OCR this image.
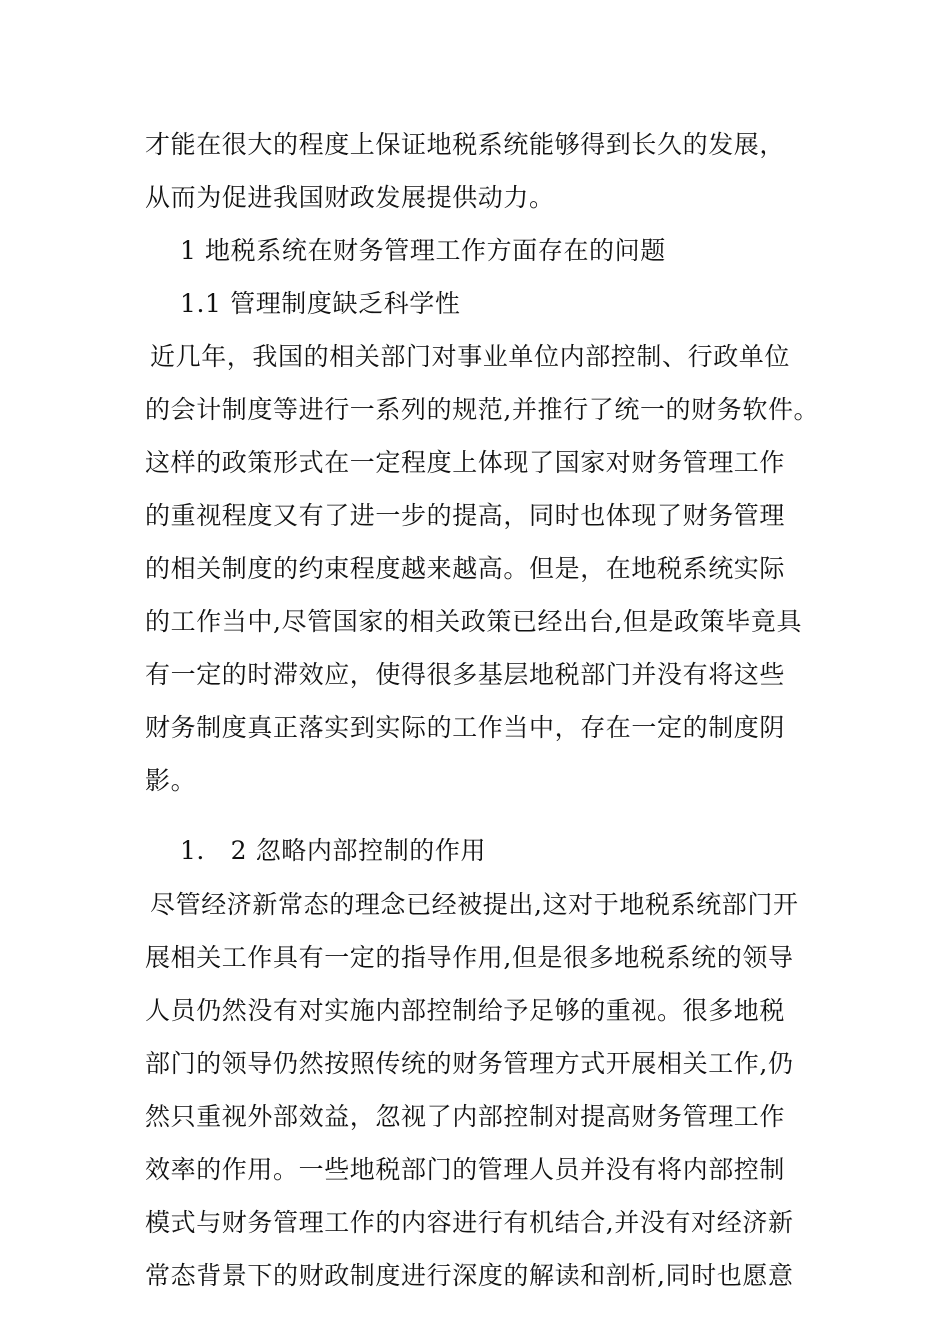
才能在很大的程度上保证地税系统能够得到长久的发展，
从而为促进我国财政发展提供动力。
1 地税系统在财务管理工作方面存在的问题
1.1 管理制度缺乏科学性
近几年，我国的相关部门对事业单位内部控制、行政单位
的会计制度等进行一系列的规范,并推行了统一的财务软件。
这样的政策形式在一定程度上体现了国家对财务管理工作
的重视程度又有了进一步的提高，同时也体现了财务管理
的相关制度的约束程度越来越高。但是，在地税系统实际
的工作当中,尽管国家的相关政策已经出台,但是政策毕竟具
有一定的时滞效应，使得很多基层地税部门并没有将这些
财务制度真正落实到实际的工作当中，存在一定的制度阴
影。
1． 2 忽略内部控制的作用
尽管经济新常态的理念已经被提出,这对于地税系统部门开
展相关工作具有一定的指导作用,但是很多地税系统的领导
人员仍然没有对实施内部控制给予足够的重视。很多地税
部门的领导仍然按照传统的财务管理方式开展相关工作,仍
然只重视外部效益，忽视了内部控制对提高财务管理工作
效率的作用。一些地税部门的管理人员并没有将内部控制
模式与财务管理工作的内容进行有机结合,并没有对经济新
常态背景下的财政制度进行深度的解读和剖析,同时也愿意
